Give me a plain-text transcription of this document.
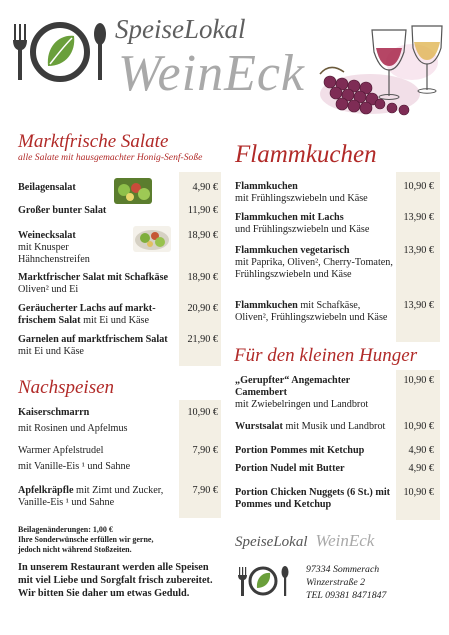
SpeiseLokal
WeinEck
Marktfrische Salate
alle Salate mit hausgemachter Honig-Senf-Soße
Beilagensalat	4,90 €
Großer bunter Salat	11,90 €
Weinecksalat
mit Knusper Hähnchenstreifen
18,90 €
Marktfrischer Salat mit Schafkäse
Oliven² und Ei
18,90 €
Geräucherter Lachs auf markt-frischem Salat mit Ei und Käse
20,90 €
Garnelen auf marktfrischem Salat
mit Ei und Käse
21,90 €
Nachspeisen
Kaiserschmarrn
mit Rosinen und Apfelmus
10,90 €
Warmer Apfelstrudel
mit Vanille-Eis ¹ und Sahne
7,90 €
Apfelkräpfle mit Zimt und Zucker, Vanille-Eis ¹ und Sahne
7,90 €
Flammkuchen
Flammkuchen
mit Frühlingszwiebeln und Käse
10,90 €
Flammkuchen mit Lachs
und Frühlingszwiebeln und Käse
13,90 €
Flammkuchen vegetarisch
mit Paprika, Oliven², Cherry-Tomaten, Frühlingszwiebeln und Käse
13,90 €
Flammkuchen mit Schafkäse, Oliven², Frühlingszwiebeln und Käse
13,90 €
Für den kleinen Hunger
„Gerupfter“ Angemachter Camembert
mit Zwiebelringen und Landbrot
10,90 €
Wurstsalat mit Musik und Landbrot	10,90 €
Portion Pommes mit Ketchup	4,90 €
Portion Nudel mit Butter	4,90 €
Portion Chicken Nuggets (6 St.) mit Pommes und Ketchup
10,90 €
Beilagenänderungen: 1,00 €
Ihre Sonderwünsche erfüllen wir gerne,
jedoch nicht während Stoßzeiten.
In unserem Restaurant werden alle Speisen
mit viel Liebe und Sorgfalt frisch zubereitet.
Wir bitten Sie daher um etwas Geduld.
SpeiseLokal WeinEck
97334 Sommerach
Winzerstraße 2
TEL 09381 8471847
